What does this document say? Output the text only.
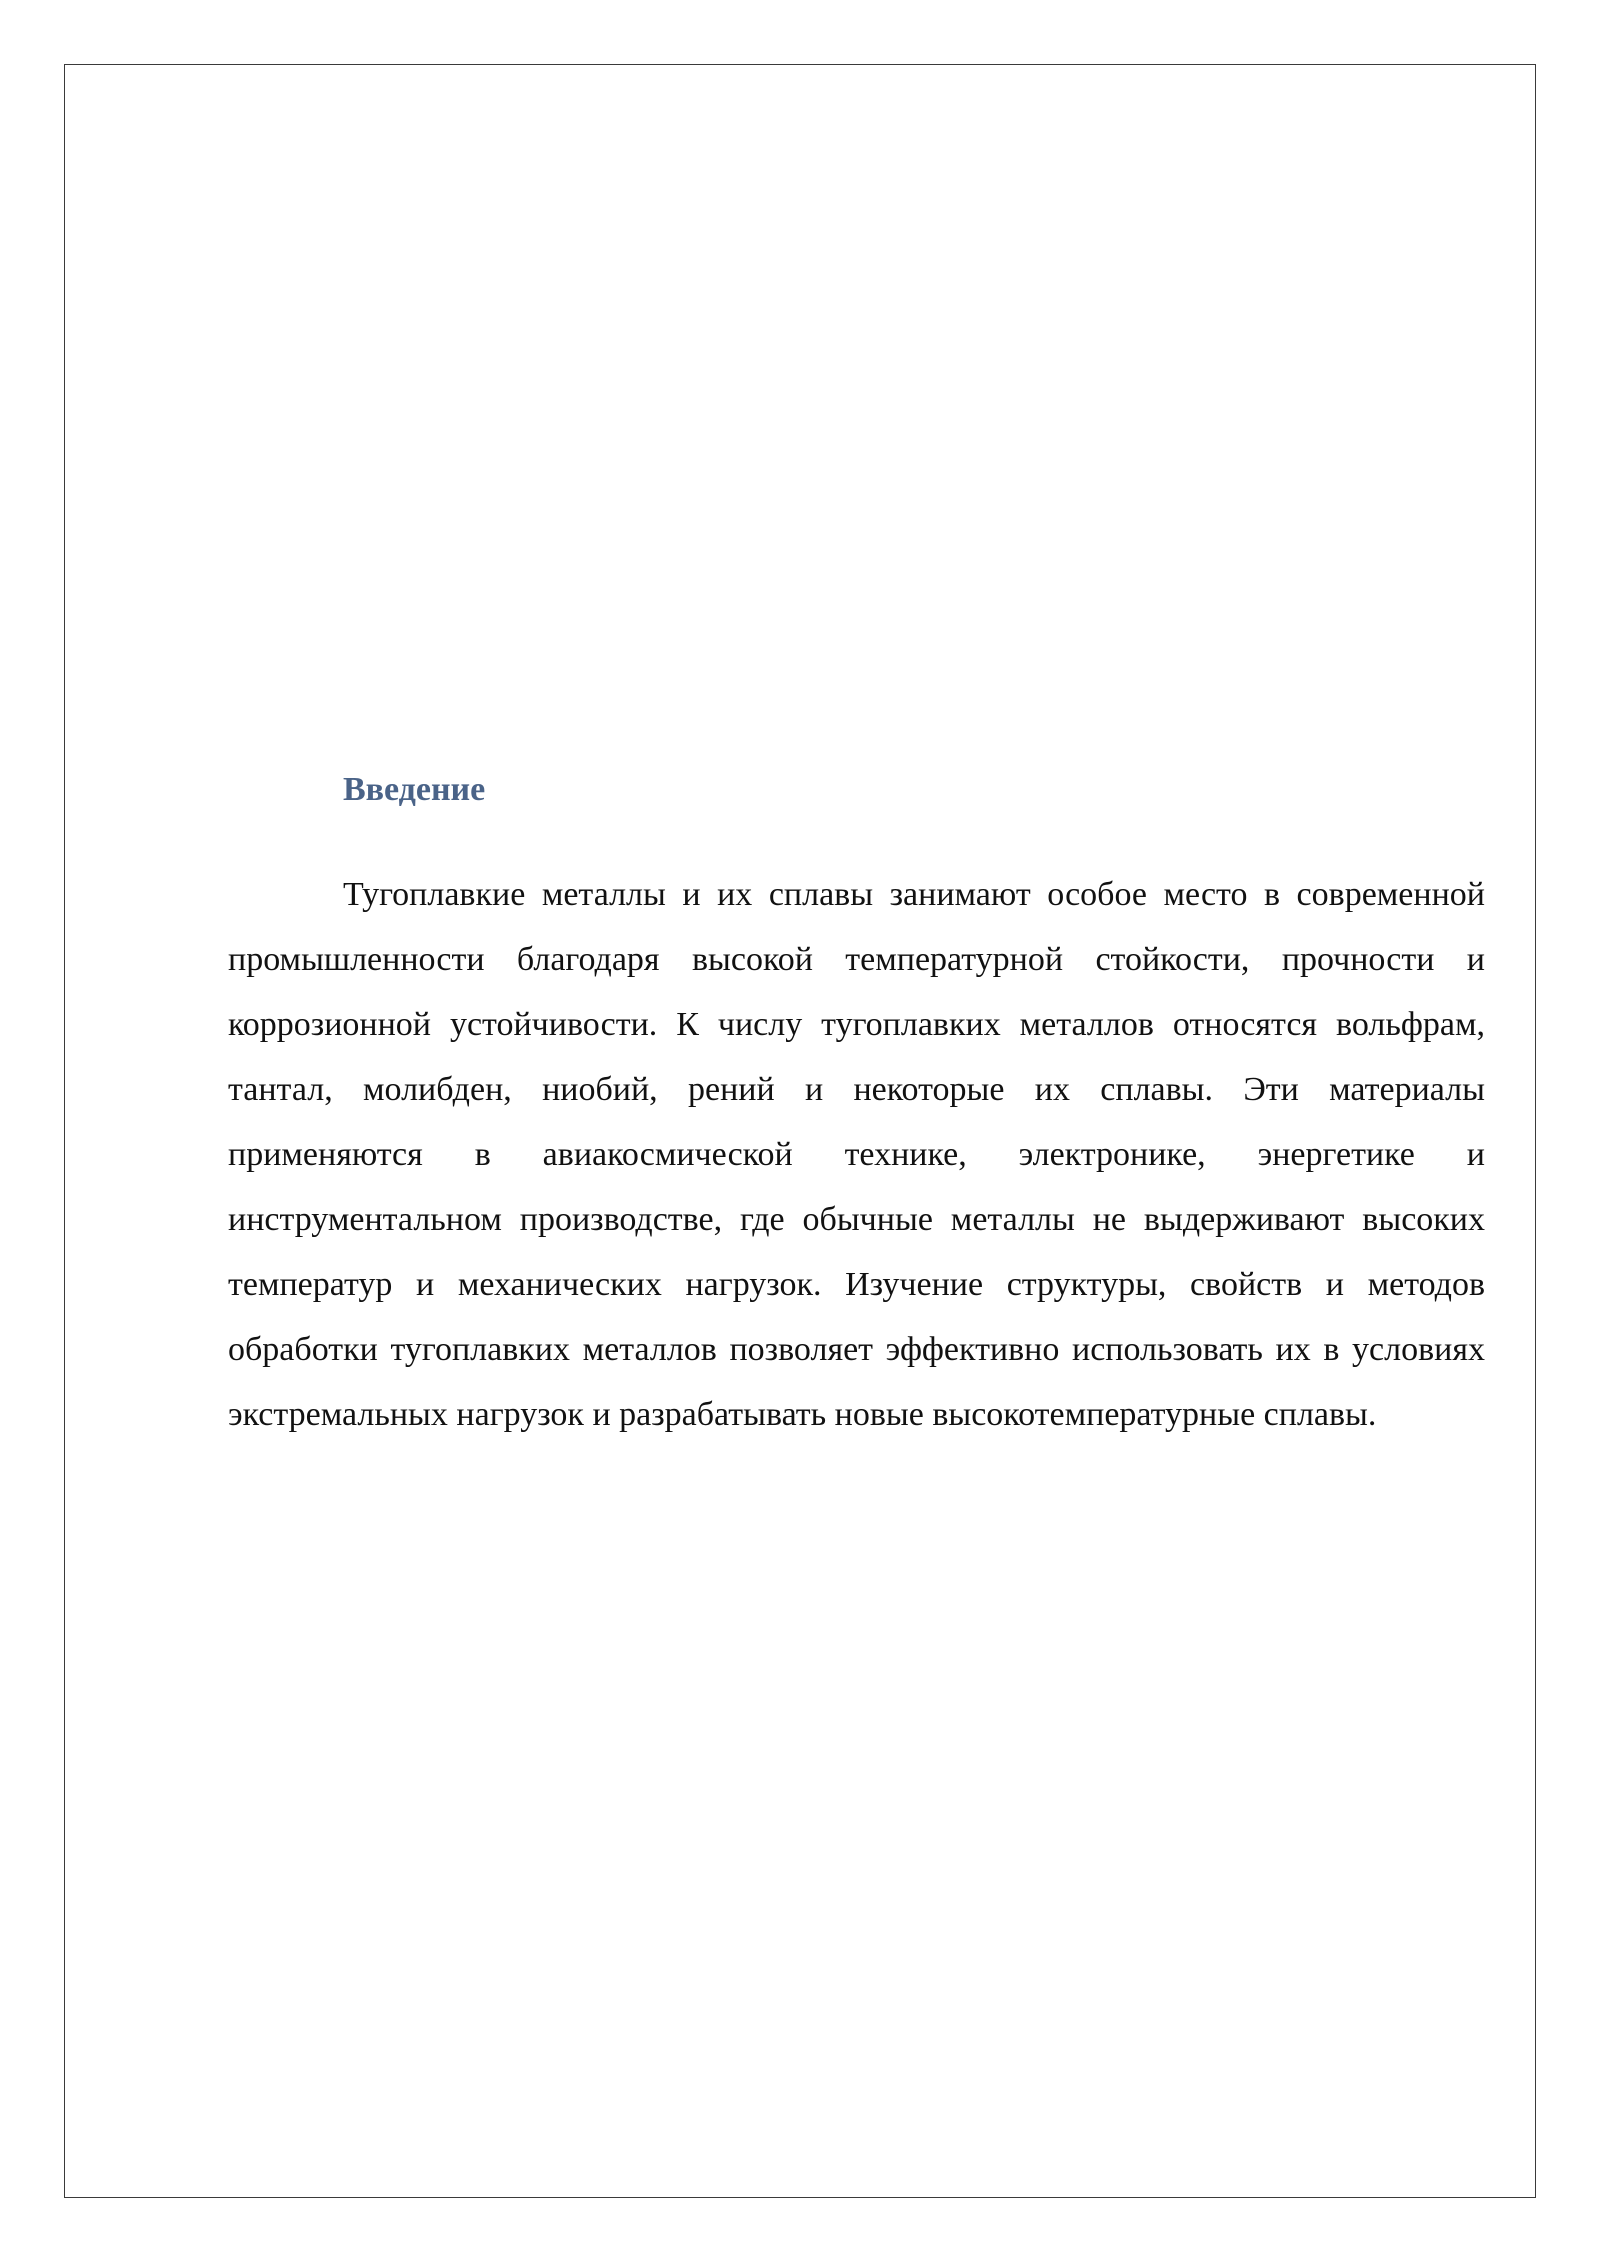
Введение

Тугоплавкие металлы и их сплавы занимают особое место в современной промышленности благодаря высокой температурной стойкости, прочности и коррозионной устойчивости. К числу тугоплавких металлов относятся вольфрам, тантал, молибден, ниобий, рений и некоторые их сплавы. Эти материалы применяются в авиакосмической технике, электронике, энергетике и инструментальном производстве, где обычные металлы не выдерживают высоких температур и механических нагрузок. Изучение структуры, свойств и методов обработки тугоплавких металлов позволяет эффективно использовать их в условиях экстремальных нагрузок и разрабатывать новые высокотемпературные сплавы.
